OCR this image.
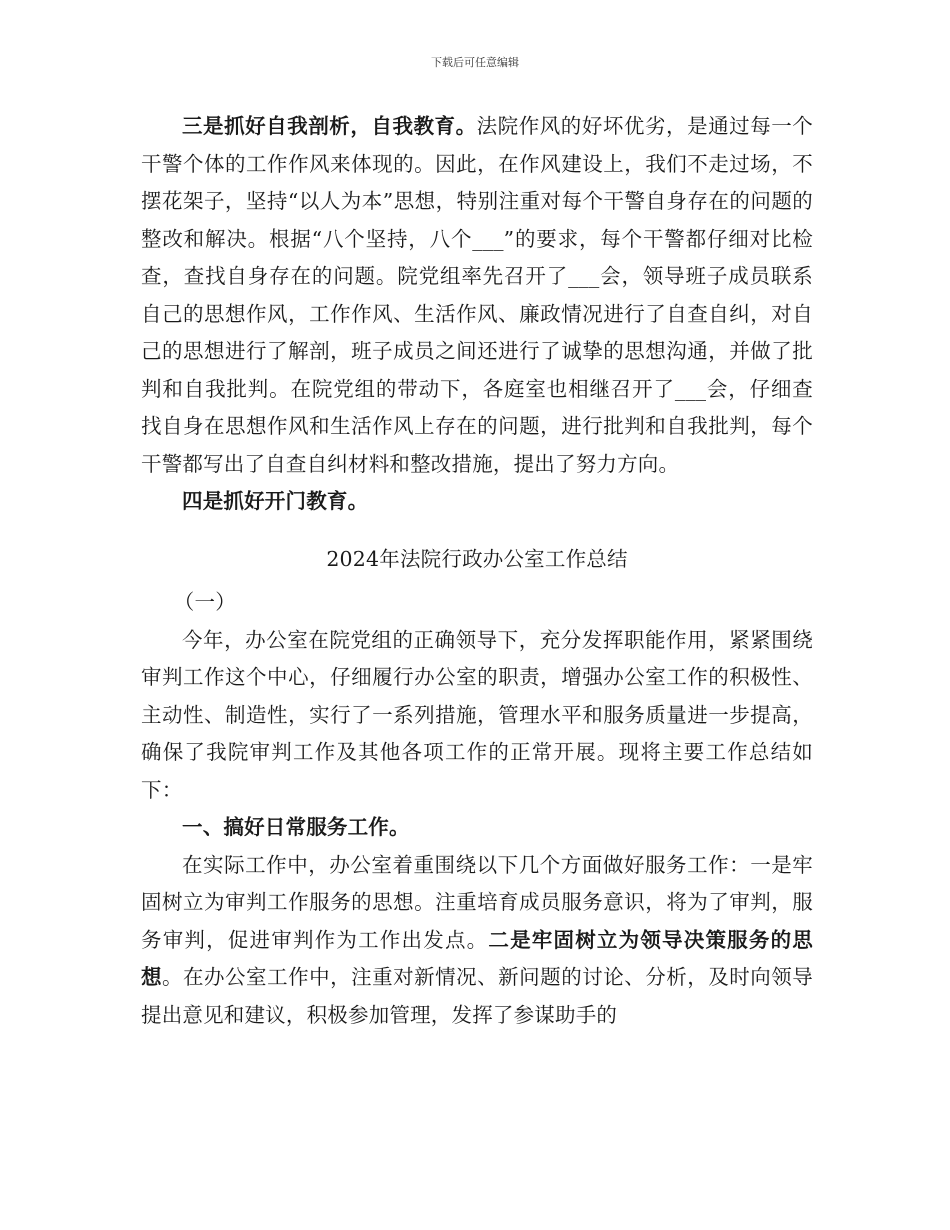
下载后可任意编辑

三是抓好自我剖析，自我教育。法院作风的好坏优劣，是通过每一个干警个体的工作作风来体现的。因此，在作风建设上，我们不走过场，不摆花架子，坚持“以人为本”思想，特别注重对每个干警自身存在的问题的整改和解决。根据“八个坚持，八个___”的要求，每个干警都仔细对比检查，查找自身存在的问题。院党组率先召开了___会，领导班子成员联系自己的思想作风，工作作风、生活作风、廉政情况进行了自查自纠，对自己的思想进行了解剖，班子成员之间还进行了诚挚的思想沟通，并做了批判和自我批判。在院党组的带动下，各庭室也相继召开了___会，仔细查找自身在思想作风和生活作风上存在的问题，进行批判和自我批判，每个干警都写出了自查自纠材料和整改措施，提出了努力方向。

四是抓好开门教育。

2024年法院行政办公室工作总结

（一）

今年，办公室在院党组的正确领导下，充分发挥职能作用，紧紧围绕审判工作这个中心，仔细履行办公室的职责，增强办公室工作的积极性、主动性、制造性，实行了一系列措施，管理水平和服务质量进一步提高，确保了我院审判工作及其他各项工作的正常开展。现将主要工作总结如下：

一、搞好日常服务工作。

在实际工作中，办公室着重围绕以下几个方面做好服务工作：一是牢固树立为审判工作服务的思想。注重培育成员服务意识，将为了审判，服务审判，促进审判作为工作出发点。二是牢固树立为领导决策服务的思想。在办公室工作中，注重对新情况、新问题的讨论、分析，及时向领导提出意见和建议，积极参加管理，发挥了参谋助手的
